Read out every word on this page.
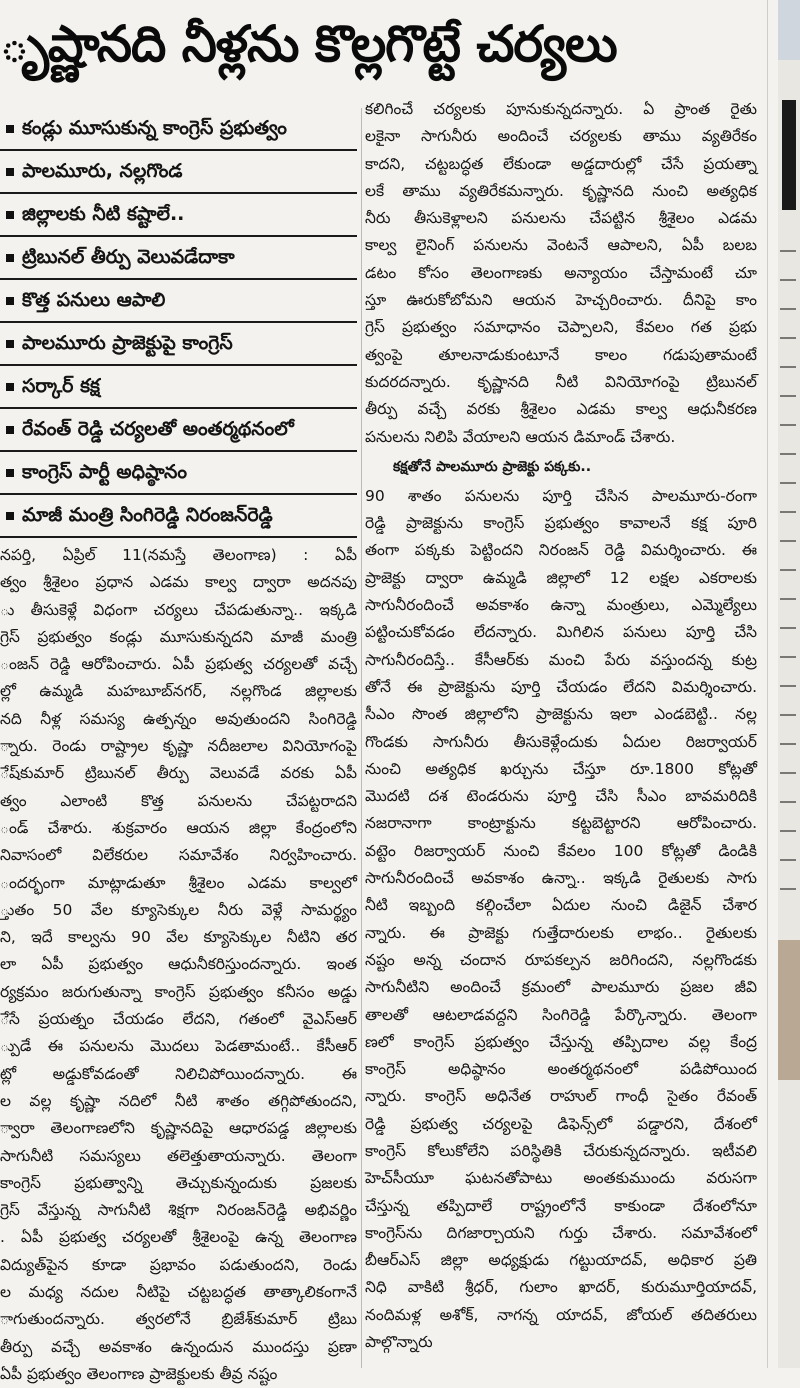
ృష్ణానది నీళ్లను కొల్లగొట్టే చర్యలు
కండ్లు మూసుకున్న కాంగ్రెస్ ప్రభుత్వం
పాలమూరు, నల్లగొండ
జిల్లాలకు నీటి కష్టాలే..
ట్రిబునల్ తీర్పు వెలువడేదాకా
కొత్త పనులు ఆపాలి
పాలమూరు ప్రాజెక్టుపై కాంగ్రెస్
సర్కార్ కక్ష
రేవంత్ రెడ్డి చర్యలతో అంతర్మథనంలో
కాంగ్రెస్ పార్టీ అధిష్ఠానం
మాజీ మంత్రి సింగిరెడ్డి నిరంజన్‌రెడ్డి
నపర్తి, ఏప్రిల్ 11(నమస్తే తెలంగాణ) : ఏపీ
త్వం శ్రీశైలం ప్రధాన ఎడమ కాల్వ ద్వారా అదనపు
ు తీసుకెళ్లే విధంగా చర్యలు చేపడుతున్నా.. ఇక్కడి
గ్రెస్ ప్రభుత్వం కండ్లు మూసుకున్నదని మాజీ మంత్రి
ంజన్ రెడ్డి ఆరోపించారు. ఏపీ ప్రభుత్వ చర్యలతో వచ్చే
ల్లో ఉమ్మడి మహబూబ్‌నగర్, నల్లగొండ జిల్లాలకు
నది నీళ్ల సమస్య ఉత్పన్నం అవుతుందని సింగిరెడ్డి
్నారు. రెండు రాష్ట్రాల కృష్ణా నదీజలాల వినియోగంపై
ేష్‌కుమార్ ట్రిబునల్ తీర్పు వెలువడే వరకు ఏపీ
త్వం ఎలాంటి కొత్త పనులను చేపట్టరాదని
ండ్ చేశారు. శుక్రవారం ఆయన జిల్లా కేంద్రంలోని
నివాసంలో విలేకరుల సమావేశం నిర్వహించారు.
ందర్భంగా మాట్లాడుతూ శ్రీశైలం ఎడమ కాల్వలో
్తుతం 50 వేల క్యూసెక్కుల నీరు వెళ్లే సామర్థ్యం
ని, ఇదే కాల్వను 90 వేల క్యూసెక్కుల నీటిని తర
లా ఏపీ ప్రభుత్వం ఆధునీకరిస్తుందన్నారు. ఇంత
ర్యక్రమం జరుగుతున్నా కాంగ్రెస్ ప్రభుత్వం కనీసం అడ్డు
ేసే ప్రయత్నం చేయడం లేదని, గతంలో వైఎస్‌ఆర్
్పుడే ఈ పనులను మొదలు పెడతామంటే.. కేసీఆర్
ట్లో అడ్డుకోవడంతో నిలిచిపోయిందన్నారు. ఈ
ల వల్ల కృష్ణా నదిలో నీటి శాతం తగ్గిపోతుందని,
్వారా తెలంగాణలోని కృష్ణానదిపై ఆధారపడ్డ జిల్లాలకు
సాగునీటి సమస్యలు తలెత్తుతాయన్నారు. తెలంగా
కాంగ్రెస్ ప్రభుత్వాన్ని తెచ్చుకున్నందుకు ప్రజలకు
గ్రెస్ వేస్తున్న సాగునీటి శిక్షగా నిరంజన్‌రెడ్డి అభివర్ణిం
. ఏపీ ప్రభుత్వ చర్యలతో శ్రీశైలంపై ఉన్న తెలంగాణ
విద్యుత్‌పైన కూడా ప్రభావం పడుతుందని, రెండు
ల మధ్య నదుల నీటిపై చట్టబద్ధత తాత్కాలికంగానే
ాగుతుందన్నారు. త్వరలోనే బ్రిజేశ్‌కుమార్ ట్రిబు
తీర్పు వచ్చే అవకాశం ఉన్నందున ముందస్తు ప్రణా
ఏపీ ప్రభుత్వం తెలంగాణ ప్రాజెక్టులకు తీవ్ర నష్టం
కలిగించే చర్యలకు పూనుకున్నదన్నారు. ఏ ప్రాంత రైతు
లకైనా సాగునీరు అందించే చర్యలకు తాము వ్యతిరేకం
కాదని, చట్టబద్ధత లేకుండా అడ్డదారుల్లో చేసే ప్రయత్నా
లకే తాము వ్యతిరేకమన్నారు. కృష్ణానది నుంచి అత్యధిక
నీరు తీసుకెళ్లాలని పనులను చేపట్టిన శ్రీశైలం ఎడమ
కాల్వ లైనింగ్ పనులను వెంటనే ఆపాలని, ఏపీ బలబ
డటం కోసం తెలంగాణకు అన్యాయం చేస్తామంటే చూ
స్తూ ఊరుకోబోమని ఆయన హెచ్చరించారు. దీనిపై కాం
గ్రెస్ ప్రభుత్వం సమాధానం చెప్పాలని, కేవలం గత ప్రభు
త్వంపై తూలనాడుకుంటూనే కాలం గడుపుతామంటే
కుదరదన్నారు. కృష్ణానది నీటి వినియోగంపై ట్రిబునల్
తీర్పు వచ్చే వరకు శ్రీశైలం ఎడమ కాల్వ ఆధునీకరణ
పనులను నిలిపి వేయాలని ఆయన డిమాండ్ చేశారు.
కక్షతోనే పాలమూరు ప్రాజెక్టు పక్కకు..
90 శాతం పనులను పూర్తి చేసిన పాలమూరు-రంగా
రెడ్డి ప్రాజెక్టును కాంగ్రెస్ ప్రభుత్వం కావాలనే కక్ష పూరి
తంగా పక్కకు పెట్టిందని నిరంజన్ రెడ్డి విమర్శించారు. ఈ
ప్రాజెక్టు ద్వారా ఉమ్మడి జిల్లాలో 12 లక్షల ఎకరాలకు
సాగునీరందించే అవకాశం ఉన్నా మంత్రులు, ఎమ్మెల్యేలు
పట్టించుకోవడం లేదన్నారు. మిగిలిన పనులు పూర్తి చేసి
సాగునీరందిస్తే.. కేసీఆర్‌కు మంచి పేరు వస్తుందన్న కుట్ర
తోనే ఈ ప్రాజెక్టును పూర్తి చేయడం లేదని విమర్శించారు.
సీఎం సొంత జిల్లాలోని ప్రాజెక్టును ఇలా ఎండబెట్టి.. నల్ల
గొండకు సాగునీరు తీసుకెళ్లేందుకు ఏదుల రిజర్వాయర్
నుంచి అత్యధిక ఖర్చును చేస్తూ రూ.1800 కోట్లతో
మొదటి దశ టెండరును పూర్తి చేసి సీఎం బావమరిదికి
నజరానాగా కాంట్రాక్టును కట్టబెట్టారని ఆరోపించారు.
వట్టెం రిజర్వాయర్ నుంచి కేవలం 100 కోట్లతో డిండికి
సాగునీరందించే అవకాశం ఉన్నా.. ఇక్కడి రైతులకు సాగు
నీటి ఇబ్బంది కల్గించేలా ఏదుల నుంచి డిజైన్ చేశార
న్నారు. ఈ ప్రాజెక్టు గుత్తేదారులకు లాభం.. రైతులకు
నష్టం అన్న చందాన రూపకల్పన జరిగిందని, నల్లగొండకు
సాగునీటిని అందించే క్రమంలో పాలమూరు ప్రజల జీవి
తాలతో ఆటలాడవద్దని సింగిరెడ్డి పేర్కొన్నారు. తెలంగా
ణలో కాంగ్రెస్ ప్రభుత్వం చేస్తున్న తప్పిదాల వల్ల కేంద్ర
కాంగ్రెస్ అధిష్ఠానం అంతర్మథనంలో పడిపోయింద
న్నారు. కాంగ్రెస్ అధినేత రాహుల్ గాంధీ సైతం రేవంత్
రెడ్డి ప్రభుత్వ చర్యలపై డిఫెన్స్‌లో పడ్డారని, దేశంలో
కాంగ్రెస్ కోలుకోలేని పరిస్థితికి చేరుకున్నదన్నారు. ఇటీవలి
హెచ్‌సీయూ ఘటనతోపాటు అంతకుముందు వరుసగా
చేస్తున్న తప్పిదాలే రాష్ట్రంలోనే కాకుండా దేశంలోనూ
కాంగ్రెస్‌ను దిగజార్చాయని గుర్తు చేశారు. సమావేశంలో
బీఆర్‌ఎస్ జిల్లా అధ్యక్షుడు గట్టుయాదవ్, అధికార ప్రతి
నిధి వాకిటి శ్రీధర్, గులాం ఖాదర్, కురుమూర్తియాదవ్,
నందిమళ్ల అశోక్, నాగన్న యాదవ్, జోయల్ తదితరులు
పాల్గొన్నారు
